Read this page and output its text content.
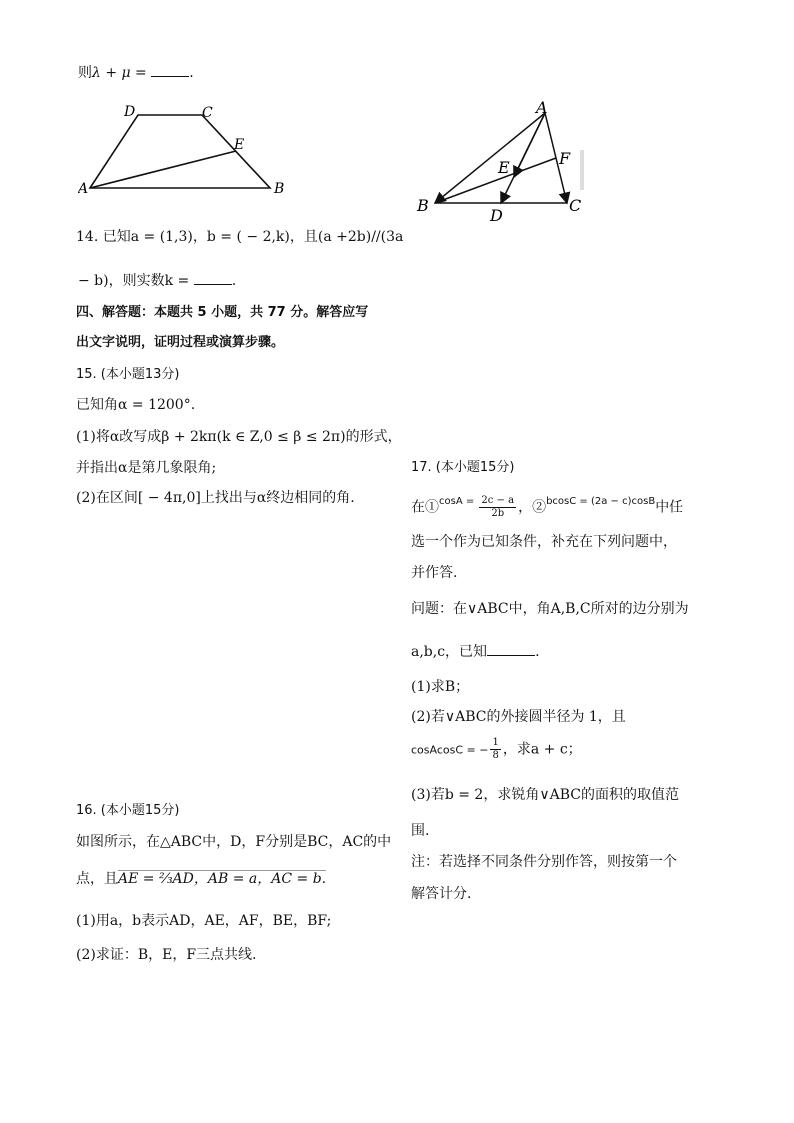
则λ + μ =	.
A	B
C
D
E
A
B	C
D
E	F
14. 已知a = (1,3)，b = ( − 2,k)，且(a +2b)//(3a
− b)，则实数k =	.
四、解答题：本题共 5 小题，共 77 分。解答应写
出文字说明，证明过程或演算步骤。
15. (本小题13分)
已知角α = 1200°.
(1)将α改写成β + 2kπ(k ∈ Z,0 ≤ β ≤ 2π)的形式，
并指出α是第几象限角;
(2)在区间[ − 4π,0]上找出与α终边相同的角.
17. (本小题15分)
在①$^{cosA =}$ $\frac{2c - a}{2b}$ ，②$^{bcosC = (2a - c)cosB}$中任
选一个作为已知条件，补充在下列问题中，
并作答.
问题：在∨ABC中，角A,B,C所对的边分别为
a,b,c，已知	.
(1)求B；
(2)若∨ABC的外接圆半径为 1，且
cosAcosC = − $\frac{1}{8}$ ，求a + c；
(3)若b = 2，求锐角∨ABC的面积的取值范
围.
注：若选择不同条件分别作答，则按第一个
解答计分.
16. (本小题15分)
如图所示，在△ABC中，D，F分别是BC，AC的中
点，且AE = ⅔AD，AB = a，AC = b.
(1)用a，b表示AD，AE，AF，BE，BF;
(2)求证：B，E，F三点共线.
